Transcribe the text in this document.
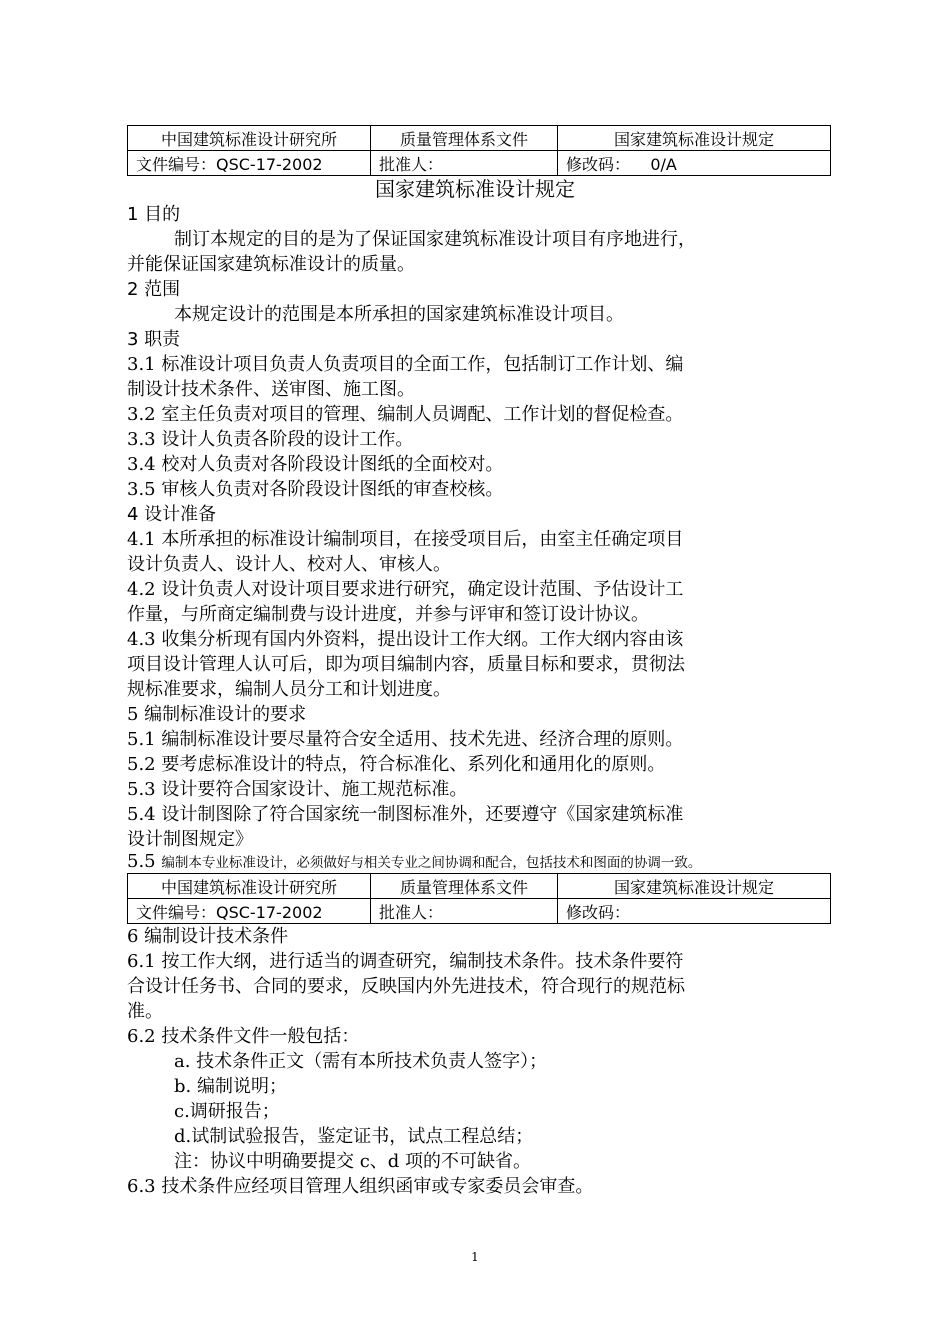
中国建筑标准设计研究所	质量管理体系文件	国家建筑标准设计规定
文件编号：QSC-17-2002	批准人：	修改码：    0/A
国家建筑标准设计规定
1 目的
制订本规定的目的是为了保证国家建筑标准设计项目有序地进行，
并能保证国家建筑标准设计的质量。
2 范围
本规定设计的范围是本所承担的国家建筑标准设计项目。
3 职责
3.1 标准设计项目负责人负责项目的全面工作，包括制订工作计划、编
制设计技术条件、送审图、施工图。
3.2 室主任负责对项目的管理、编制人员调配、工作计划的督促检查。
3.3 设计人负责各阶段的设计工作。
3.4 校对人负责对各阶段设计图纸的全面校对。
3.5 审核人负责对各阶段设计图纸的审查校核。
4 设计准备
4.1 本所承担的标准设计编制项目，在接受项目后，由室主任确定项目
设计负责人、设计人、校对人、审核人。
4.2 设计负责人对设计项目要求进行研究，确定设计范围、予估设计工
作量，与所商定编制费与设计进度，并参与评审和签订设计协议。
4.3 收集分析现有国内外资料，提出设计工作大纲。工作大纲内容由该
项目设计管理人认可后，即为项目编制内容，质量目标和要求，贯彻法
规标准要求，编制人员分工和计划进度。
5 编制标准设计的要求
5.1 编制标准设计要尽量符合安全适用、技术先进、经济合理的原则。
5.2 要考虑标准设计的特点，符合标准化、系列化和通用化的原则。
5.3 设计要符合国家设计、施工规范标准。
5.4 设计制图除了符合国家统一制图标准外，还要遵守《国家建筑标准
设计制图规定》
5.5 编制本专业标准设计，必须做好与相关专业之间协调和配合，包括技术和图面的协调一致。
中国建筑标准设计研究所	质量管理体系文件	国家建筑标准设计规定
文件编号：QSC-17-2002	批准人：	修改码：
6 编制设计技术条件
6.1 按工作大纲，进行适当的调查研究，编制技术条件。技术条件要符
合设计任务书、合同的要求，反映国内外先进技术，符合现行的规范标
准。
6.2 技术条件文件一般包括：
a. 技术条件正文（需有本所技术负责人签字）；
b. 编制说明；
c.调研报告；
d.试制试验报告，鉴定证书，试点工程总结；
注：协议中明确要提交 c、d 项的不可缺省。
6.3 技术条件应经项目管理人组织函审或专家委员会审查。
1
